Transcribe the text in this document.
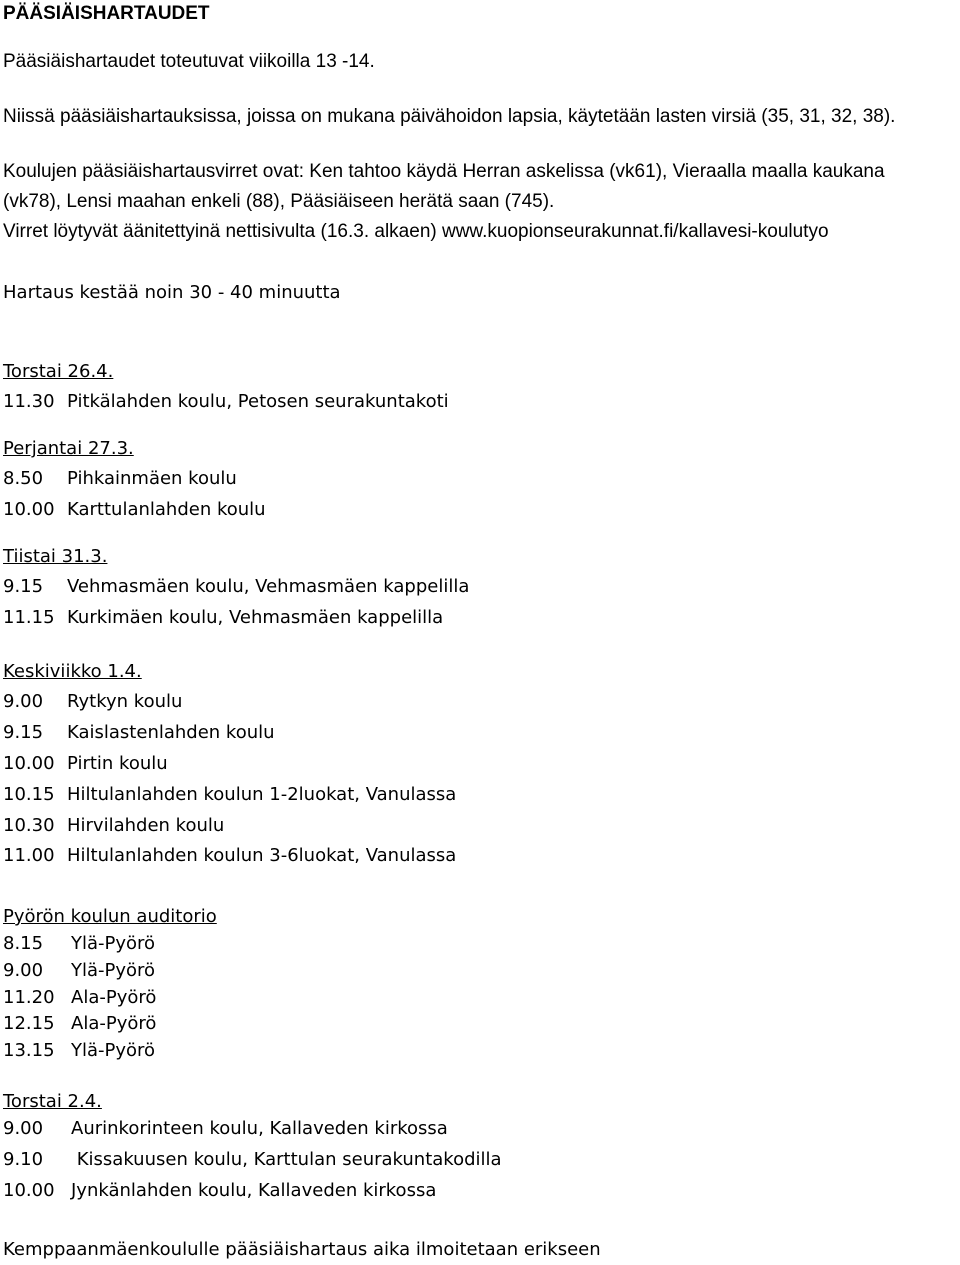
PÄÄSIÄISHARTAUDET
Pääsiäishartaudet toteutuvat viikoilla 13 -14.
Niissä pääsiäishartauksissa, joissa on mukana päivähoidon lapsia, käytetään lasten virsiä (35, 31, 32, 38).
Koulujen pääsiäishartausvirret ovat: Ken tahtoo käydä Herran askelissa (vk61), Vieraalla maalla kaukana
(vk78), Lensi maahan enkeli (88), Pääsiäiseen herätä saan (745).
Virret löytyvät äänitettyinä nettisivulta (16.3. alkaen) www.kuopionseurakunnat.fi/kallavesi-koulutyo
Hartaus kestää noin 30 - 40 minuutta
Torstai 26.4.
11.30 Pitkälahden koulu, Petosen seurakuntakoti
Perjantai 27.3.
8.50 Pihkainmäen koulu
10.00 Karttulanlahden koulu
Tiistai 31.3.
9.15 Vehmasmäen koulu, Vehmasmäen kappelilla
11.15 Kurkimäen koulu, Vehmasmäen kappelilla
Keskiviikko 1.4.
9.00 Rytkyn koulu
9.15 Kaislastenlahden koulu
10.00 Pirtin koulu
10.15 Hiltulanlahden koulun 1-2luokat, Vanulassa
10.30 Hirvilahden koulu
11.00 Hiltulanlahden koulun 3-6luokat, Vanulassa
Pyörön koulun auditorio
8.15 Ylä-Pyörö
9.00 Ylä-Pyörö
11.20 Ala-Pyörö
12.15 Ala-Pyörö
13.15 Ylä-Pyörö
Torstai 2.4.
9.00 Aurinkorinteen koulu, Kallaveden kirkossa
9.10 Kissakuusen koulu, Karttulan seurakuntakodilla
10.00 Jynkänlahden koulu, Kallaveden kirkossa
Kemppaanmäenkoululle pääsiäishartaus aika ilmoitetaan erikseen
